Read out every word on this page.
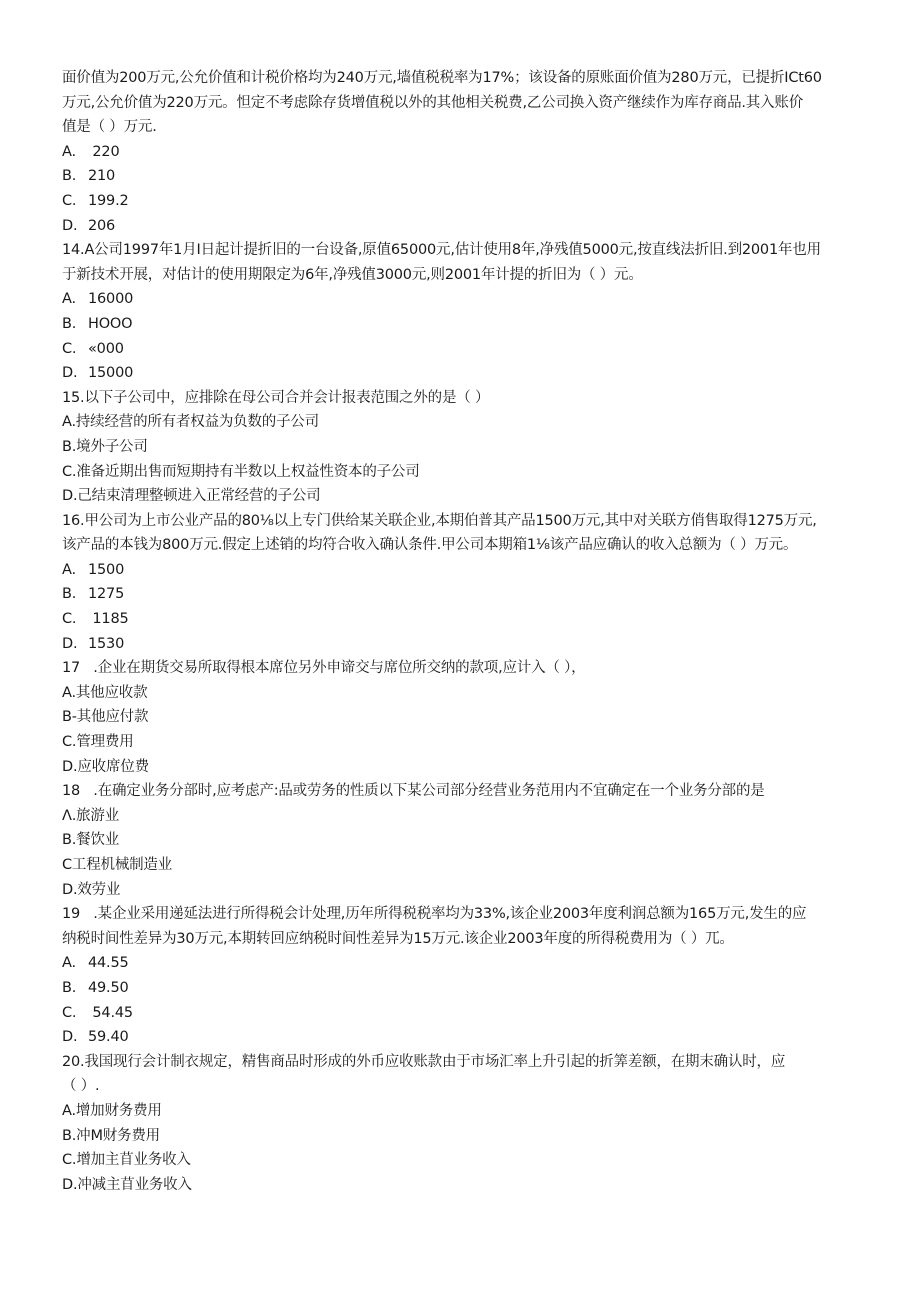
面价值为200万元,公允价值和计税价格均为240万元,墙值税税率为17%；该设备的原账面价值为280万元，已提折ICt60
万元,公允价值为220万元。怛定不考虑除存货增值税以外的其他相关税费,乙公司换入资产继续作为库存商品.其入账价
值是（ ）万元.
A. 220
B. 210
C. 199.2
D. 206
14.A公司1997年1月I日起计提折旧的一台设备,原值65000元,估计使用8年,净残值5000元,按直线法折旧.到2001年也用
于新技术开展，对估计的使用期限定为6年,净残值3000元,则2001年计提的折旧为（ ）元。
A. 16000
B. HOOO
C. «000
D. 15000
15.以下子公司中，应排除在母公司合并会计报表范围之外的是（ ）
A.持续经营的所有者权益为负数的子公司
B.境外子公司
C.准备近期出售而短期持有半数以上权益性资本的子公司
D.己结束清理整顿进入正常经营的子公司
16.甲公司为上市公业产品的80⅛以上专门供给某关联企业,本期伯普其产品1500万元,其中对关联方俏售取得1275万元,
该产品的本钱为800万元.假定上述销的均符合收入确认条件.甲公司本期箱1⅛该产品应确认的收入总额为（ ）万元。
A. 1500
B. 1275
C. 1185
D. 1530
17   .企业在期货交易所取得根本席位另外申谛交与席位所交纳的款项,应计入（ ），
A.其他应收款
B-其他应付款
C.管理费用
D.应收席位费
18   .在确定业务分部时,应考虑产:品或劳务的性质以下某公司部分经营业务范用内不宜确定在一个业务分部的是
Λ.旅游业
B.餐饮业
C工程机械制造业
D.效劳业
19   .某企业采用递延法进行所得税会计处理,历年所得税税率均为33%,该企业2003年度利润总额为165万元,发生的应
纳税时间性差异为30万元,本期转回应纳税时间性差异为15万元.该企业2003年度的所得税费用为（ ）兀。
A. 44.55
B. 49.50
C. 54.45
D. 59.40
20.我国现行会计制衣规定，精售商品时形成的外币应收账款由于市场汇率上升引起的折筭差额，在期末确认时，应
（ ）.
A.增加财务费用
B.冲M财务费用
C.增加主苜业务收入
D.冲减主苜业务收入
